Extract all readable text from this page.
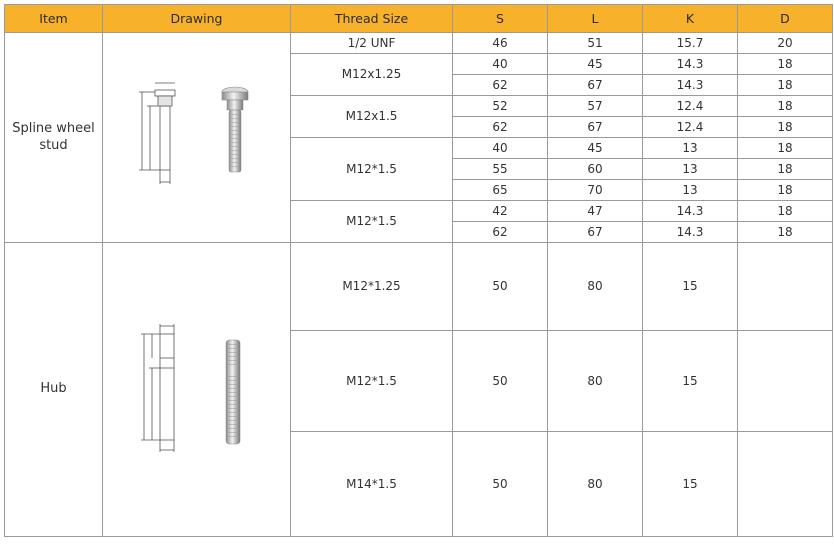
Item	Drawing	Thread Size	S	L	K	D
Spline wheel stud		1/2 UNF	46	51	15.7	20
		M12x1.25	40	45	14.3	18
			62	67	14.3	18
		M12x1.5	52	57	12.4	18
			62	67	12.4	18
		M12*1.5	40	45	13	18
			55	60	13	18
			65	70	13	18
		M12*1.5	42	47	14.3	18
			62	67	14.3	18
Hub		M12*1.25	50	80	15	
		M12*1.5	50	80	15	
		M14*1.5	50	80	15	
